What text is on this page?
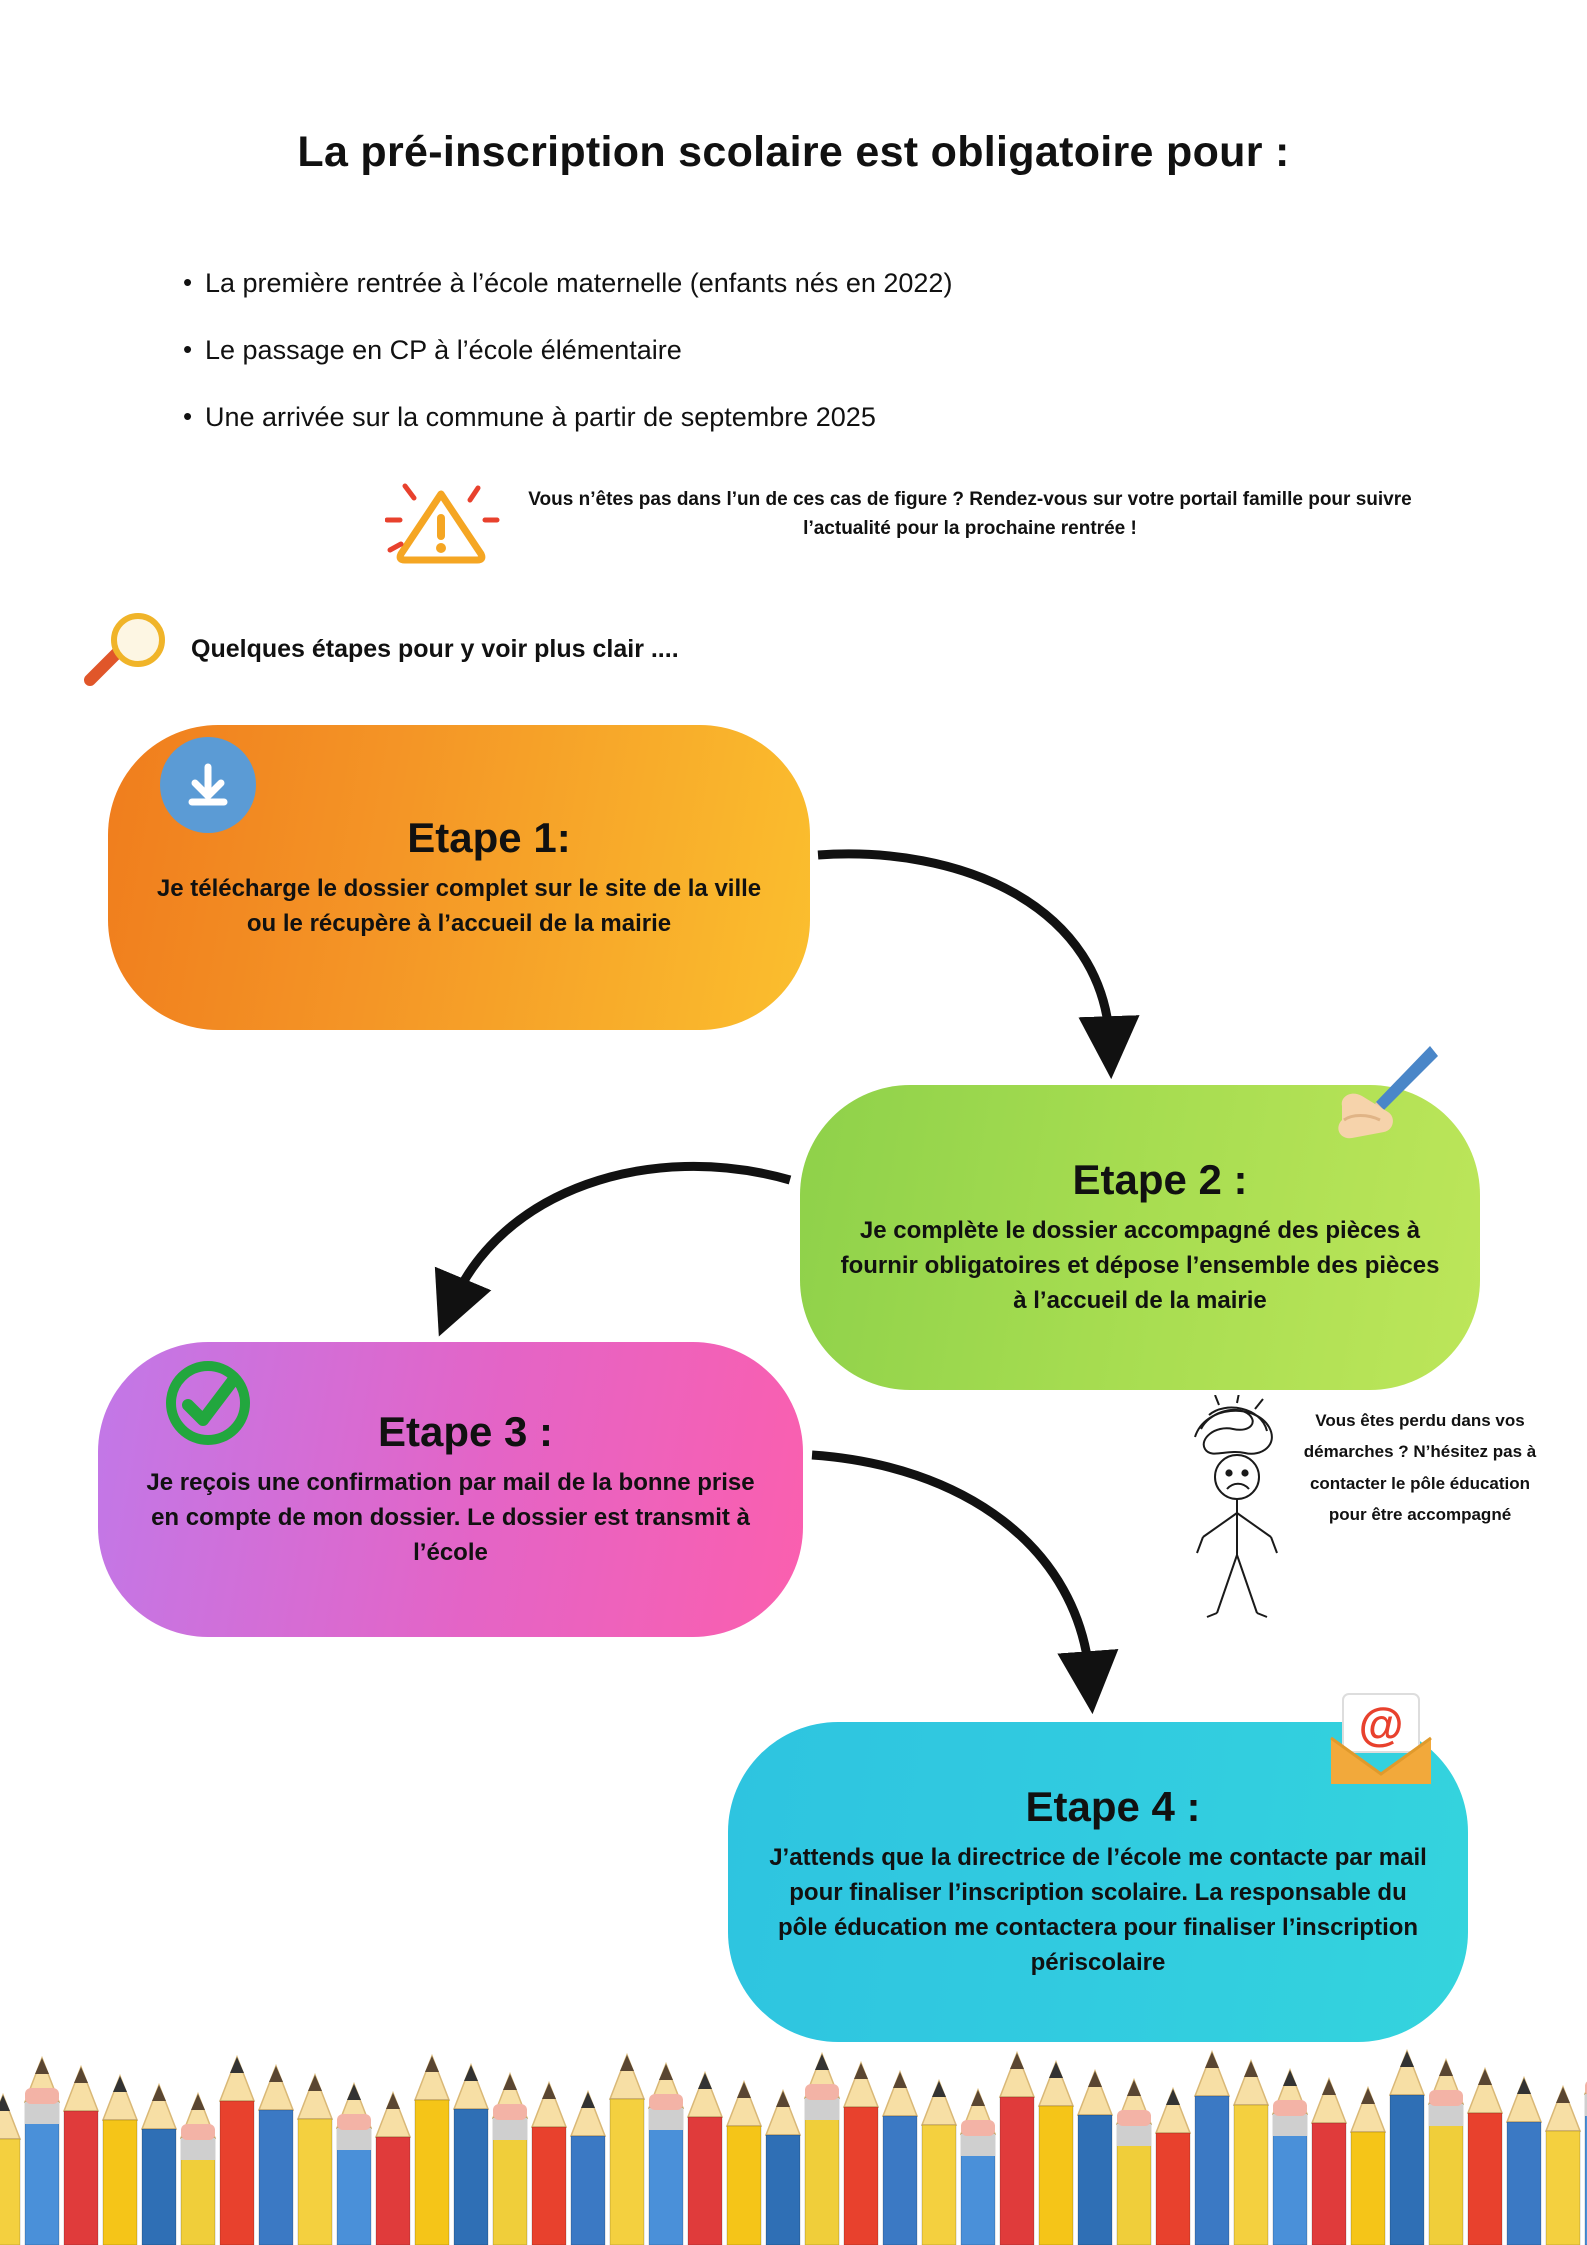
La pré-inscription scolaire est obligatoire pour :
• La première rentrée à l’école maternelle (enfants nés en 2022)
• Le passage en CP à l’école élémentaire
• Une arrivée sur la commune à partir de septembre 2025
Vous n’êtes pas dans l’un de ces cas de figure ? Rendez-vous sur votre portail famille pour suivre l’actualité pour la prochaine rentrée !
Quelques étapes pour y voir plus clair ....
Etape 1:
Je télécharge le dossier complet sur le site de la ville ou le récupère à l’accueil de la mairie
Etape 2 :
Je complète le dossier accompagné des pièces à fournir obligatoires et dépose l’ensemble des pièces à l’accueil de la mairie
Etape 3 :
Je reçois une confirmation par mail de la bonne prise en compte de mon dossier. Le dossier est transmit à l’école
Etape 4 :
J’attends que la directrice de l’école me contacte par mail pour finaliser l’inscription scolaire. La responsable du pôle éducation me contactera pour finaliser l’inscription périscolaire
@
Vous êtes perdu dans vos démarches ? N’hésitez pas à contacter le pôle éducation pour être accompagné
